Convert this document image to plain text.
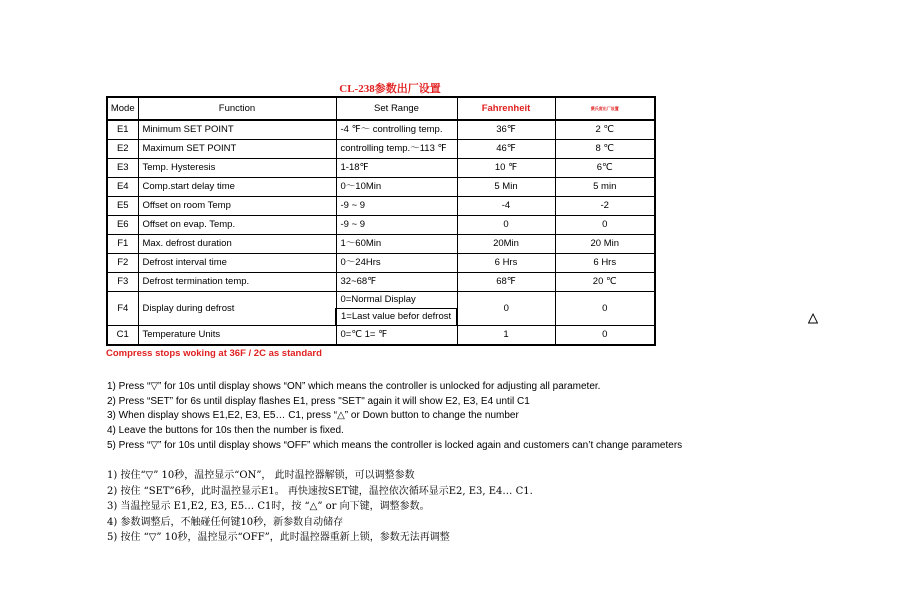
CL-238参数出厂设置
Mode	Function	Set Range	Fahrenheit	摄氏度出厂设置
E1	Minimum SET POINT	-4 ℉～ controlling temp.	36℉	2 ℃
E2	Maximum SET POINT	controlling temp.～113 ℉	46℉	8 ℃
E3	Temp. Hysteresis	1-18℉	10 ℉	6℃
E4	Comp.start delay time	0～10Min	5 Min	5 min
E5	Offset on room Temp	-9 ~ 9	-4	-2
E6	Offset on evap. Temp.	-9 ~ 9	0	0
F1	Max. defrost duration	1～60Min	20Min	20 Min
F2	Defrost interval time	0～24Hrs	6 Hrs	6 Hrs
F3	Defrost termination temp.	32~68℉	68℉	20 ℃
F4	Display during defrost	0=Normal Display	0	0
		1=Last value befor defrost		
C1	Temperature Units	0=℃ 1= ℉	1	0
Compress stops woking at 36F / 2C as standard
1) Press “▽” for 10s until display shows “ON” which means the controller is unlocked for adjusting all parameter.
2) Press “SET” for 6s until display flashes E1, press "SET" again it will show E2, E3, E4 until C1
3) When display shows E1,E2, E3, E5… C1, press “△” or Down button to change the number
4) Leave the buttons for 10s then the number is fixed.
5) Press “▽” for 10s until display shows “OFF” which means the controller is locked again and customers can’t change parameters
1) 按住“▽” 10秒，温控显示“ON”， 此时温控器解锁，可以调整参数
2) 按住 “SET”6秒，此时温控显示E1。 再快速按SET键，温控依次循环显示E2, E3, E4… C1.
3) 当温控显示 E1,E2, E3, E5… C1时，按 “△” or 向下键，调整参数。
4) 参数调整后，不触碰任何键10秒，新参数自动储存
5) 按住 “▽” 10秒，温控显示“OFF”，此时温控器重新上锁，参数无法再调整
